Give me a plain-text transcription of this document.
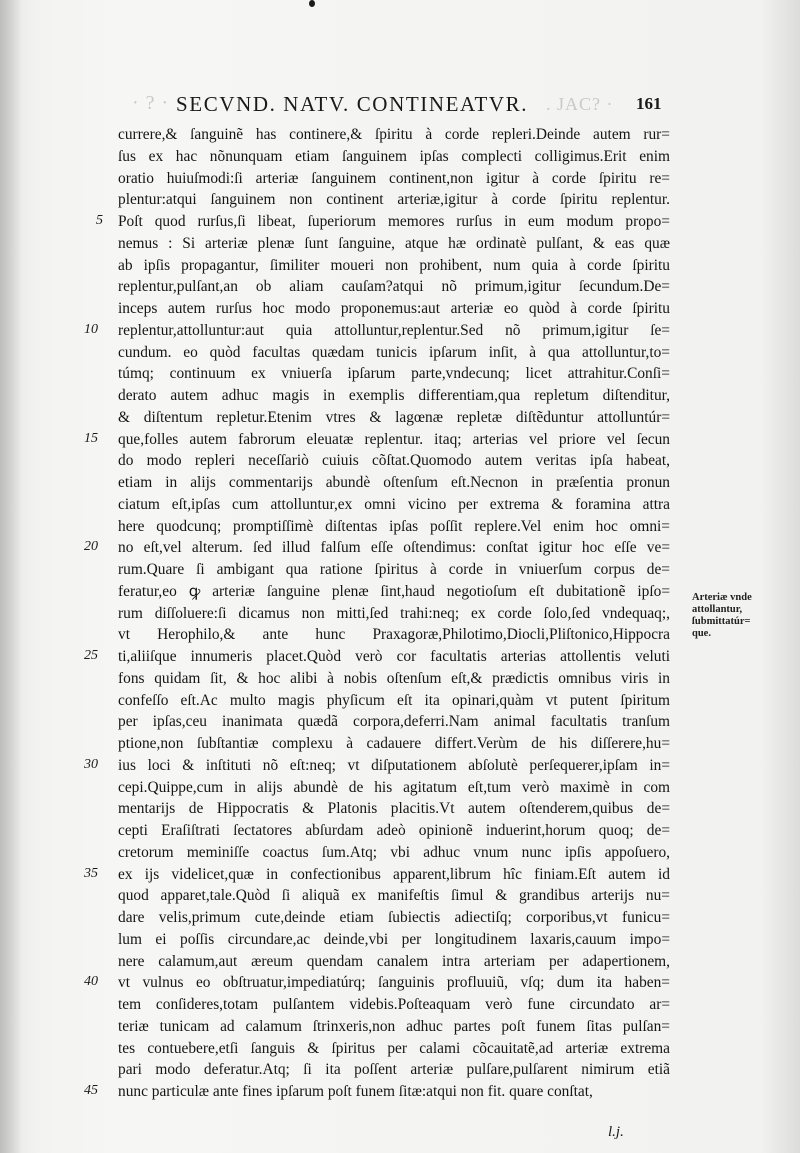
· ? · SECVND. NATV. CONTINEATVR. . JAC? · 161
5
10
15
20
25
30
35
40
45
currere,& ſanguinẽ has continere,& ſpiritu à corde repleri.Deinde autem rur=
ſus ex hac nõnunquam etiam ſanguinem ipſas complecti colligimus.Erit enim
oratio huiuſmodi:ſi arteriæ ſanguinem continent,non igitur à corde ſpiritu re=
plentur:atqui ſanguinem non continent arteriæ,igitur à corde ſpiritu replentur.
Poſt quod rurſus,ſi libeat, ſuperiorum memores rurſus in eum modum propo=
nemus : Si arteriæ plenæ ſunt ſanguine, atque hæ ordinatè pulſant, & eas quæ
ab ipſis propagantur, ſimiliter moueri non prohibent, num quia à corde ſpiritu
replentur,pulſant,an ob aliam cauſam?atqui nõ primum,igitur ſecundum.De=
inceps autem rurſus hoc modo proponemus:aut arteriæ eo quòd à corde ſpiritu
replentur,attolluntur:aut quia attolluntur,replentur.Sed nõ primum,igitur ſe=
cundum. eo quòd facultas quædam tunicis ipſarum inſit, à qua attolluntur,to=
túmq; continuum ex vniuerſa ipſarum parte,vndecunq; licet attrahitur.Conſi=
derato autem adhuc magis in exemplis differentiam,qua repletum diſtenditur,
& diſtentum repletur.Etenim vtres & lagœnæ repletæ diſtẽduntur attolluntúr=
que,folles autem fabrorum eleuatæ replentur. itaq; arterias vel priore vel ſecun
do modo repleri neceſſariò cuiuis cõſtat.Quomodo autem veritas ipſa habeat,
etiam in alijs commentarijs abundè oſtenſum eſt.Necnon in præſentia pronun
ciatum eſt,ipſas cum attolluntur,ex omni vicino per extrema & foramina attra
here quodcunq; promptiſſimè diſtentas ipſas poſſit replere.Vel enim hoc omni=
no eſt,vel alterum. ſed illud falſum eſſe oſtendimus: conſtat igitur hoc eſſe ve=
rum.Quare ſi ambigant qua ratione ſpiritus à corde in vniuerſum corpus de=
feratur,eo ꝙ arteriæ ſanguine plenæ ſint,haud negotioſum eſt dubitationẽ ipſo=
rum diſſoluere:ſi dicamus non mitti,ſed trahi:neq; ex corde ſolo,ſed vndequaq;,
vt Herophilo,& ante hunc Praxagoræ,Philotimo,Diocli,Pliſtonico,Hippocra
ti,aliiſque innumeris placet.Quòd verò cor facultatis arterias attollentis veluti
fons quidam ſit, & hoc alibi à nobis oſtenſum eſt,& prædictis omnibus viris in
confeſſo eſt.Ac multo magis phyſicum eſt ita opinari,quàm vt putent ſpiritum
per ipſas,ceu inanimata quædã corpora,deferri.Nam animal facultatis tranſum
ptione,non ſubſtantiæ complexu à cadauere differt.Verùm de his diſſerere,hu=
ius loci & inſtituti nõ eſt:neq; vt diſputationem abſolutè perſequerer,ipſam in=
cepi.Quippe,cum in alijs abundè de his agitatum eſt,tum verò maximè in com
mentarijs de Hippocratis & Platonis placitis.Vt autem oſtenderem,quibus de=
cepti Eraſiſtrati ſectatores abſurdam adeò opinionẽ induerint,horum quoq; de=
cretorum meminiſſe coactus ſum.Atq; vbi adhuc vnum nunc ipſis appoſuero,
ex ijs videlicet,quæ in confectionibus apparent,librum hîc finiam.Eſt autem id
quod apparet,tale.Quòd ſi aliquã ex manifeſtis ſimul & grandibus arterijs nu=
dare velis,primum cute,deinde etiam ſubiectis adiectiſq; corporibus,vt funicu=
lum ei poſſis circundare,ac deinde,vbi per longitudinem laxaris,cauum impo=
nere calamum,aut æreum quendam canalem intra arteriam per adapertionem,
vt vulnus eo obſtruatur,impediatúrq; ſanguinis profluuiũ, vſq; dum ita haben=
tem conſideres,totam pulſantem videbis.Poſteaquam verò fune circundato ar=
teriæ tunicam ad calamum ſtrinxeris,non adhuc partes poſt funem ſitas pulſan=
tes contuebere,etſi ſanguis & ſpiritus per calami cõcauitatẽ,ad arteriæ extrema
pari modo deferatur.Atq; ſi ita poſſent arteriæ pulſare,pulſarent nimirum etiã
nunc particulæ ante fines ipſarum poſt funem ſitæ:atqui non fit. quare conſtat,
Arteriæ vnde
attollantur,
ſubmittatúr=
que.
l.j.
